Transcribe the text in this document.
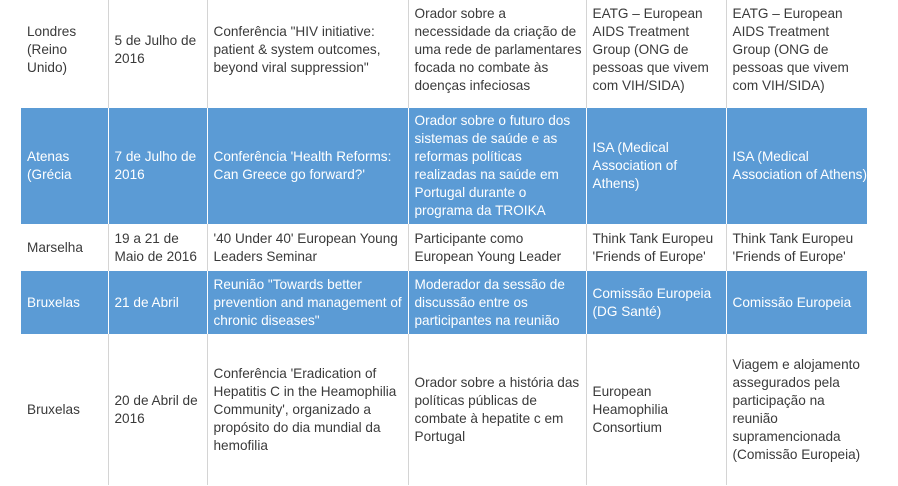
Londres (Reino Unido)	5 de Julho de 2016	Conferência "HIV initiative: patient & system outcomes, beyond viral suppression"	Orador sobre a necessidade da criação de uma rede de parlamentares focada no combate às doenças infeciosas	EATG – European AIDS Treatment Group (ONG de pessoas que vivem com VIH/SIDA)	EATG – European AIDS Treatment Group (ONG de pessoas que vivem com VIH/SIDA)

Atenas (Grécia	7 de Julho de 2016	Conferência 'Health Reforms: Can Greece go forward?'	Orador sobre o futuro dos sistemas de saúde e as reformas políticas realizadas na saúde em Portugal durante o programa da TROIKA	ISA (Medical Association of Athens)	ISA (Medical Association of Athens)

Marselha	19 a 21 de Maio de 2016	'40 Under 40' European Young Leaders Seminar	Participante como European Young Leader	Think Tank Europeu 'Friends of Europe'	Think Tank Europeu 'Friends of Europe'

Bruxelas	21 de Abril	Reunião "Towards better prevention and management of chronic diseases"	Moderador da sessão de discussão entre os participantes na reunião	Comissão Europeia (DG Santé)	Comissão Europeia

Bruxelas	20 de Abril de 2016	Conferência 'Eradication of Hepatitis C in the Heamophilia Community', organizado a propósito do dia mundial da hemofilia	Orador sobre a história das políticas públicas de combate à hepatite c em Portugal	European Heamophilia Consortium	Viagem e alojamento assegurados pela participação na reunião supramencionada (Comissão Europeia)
